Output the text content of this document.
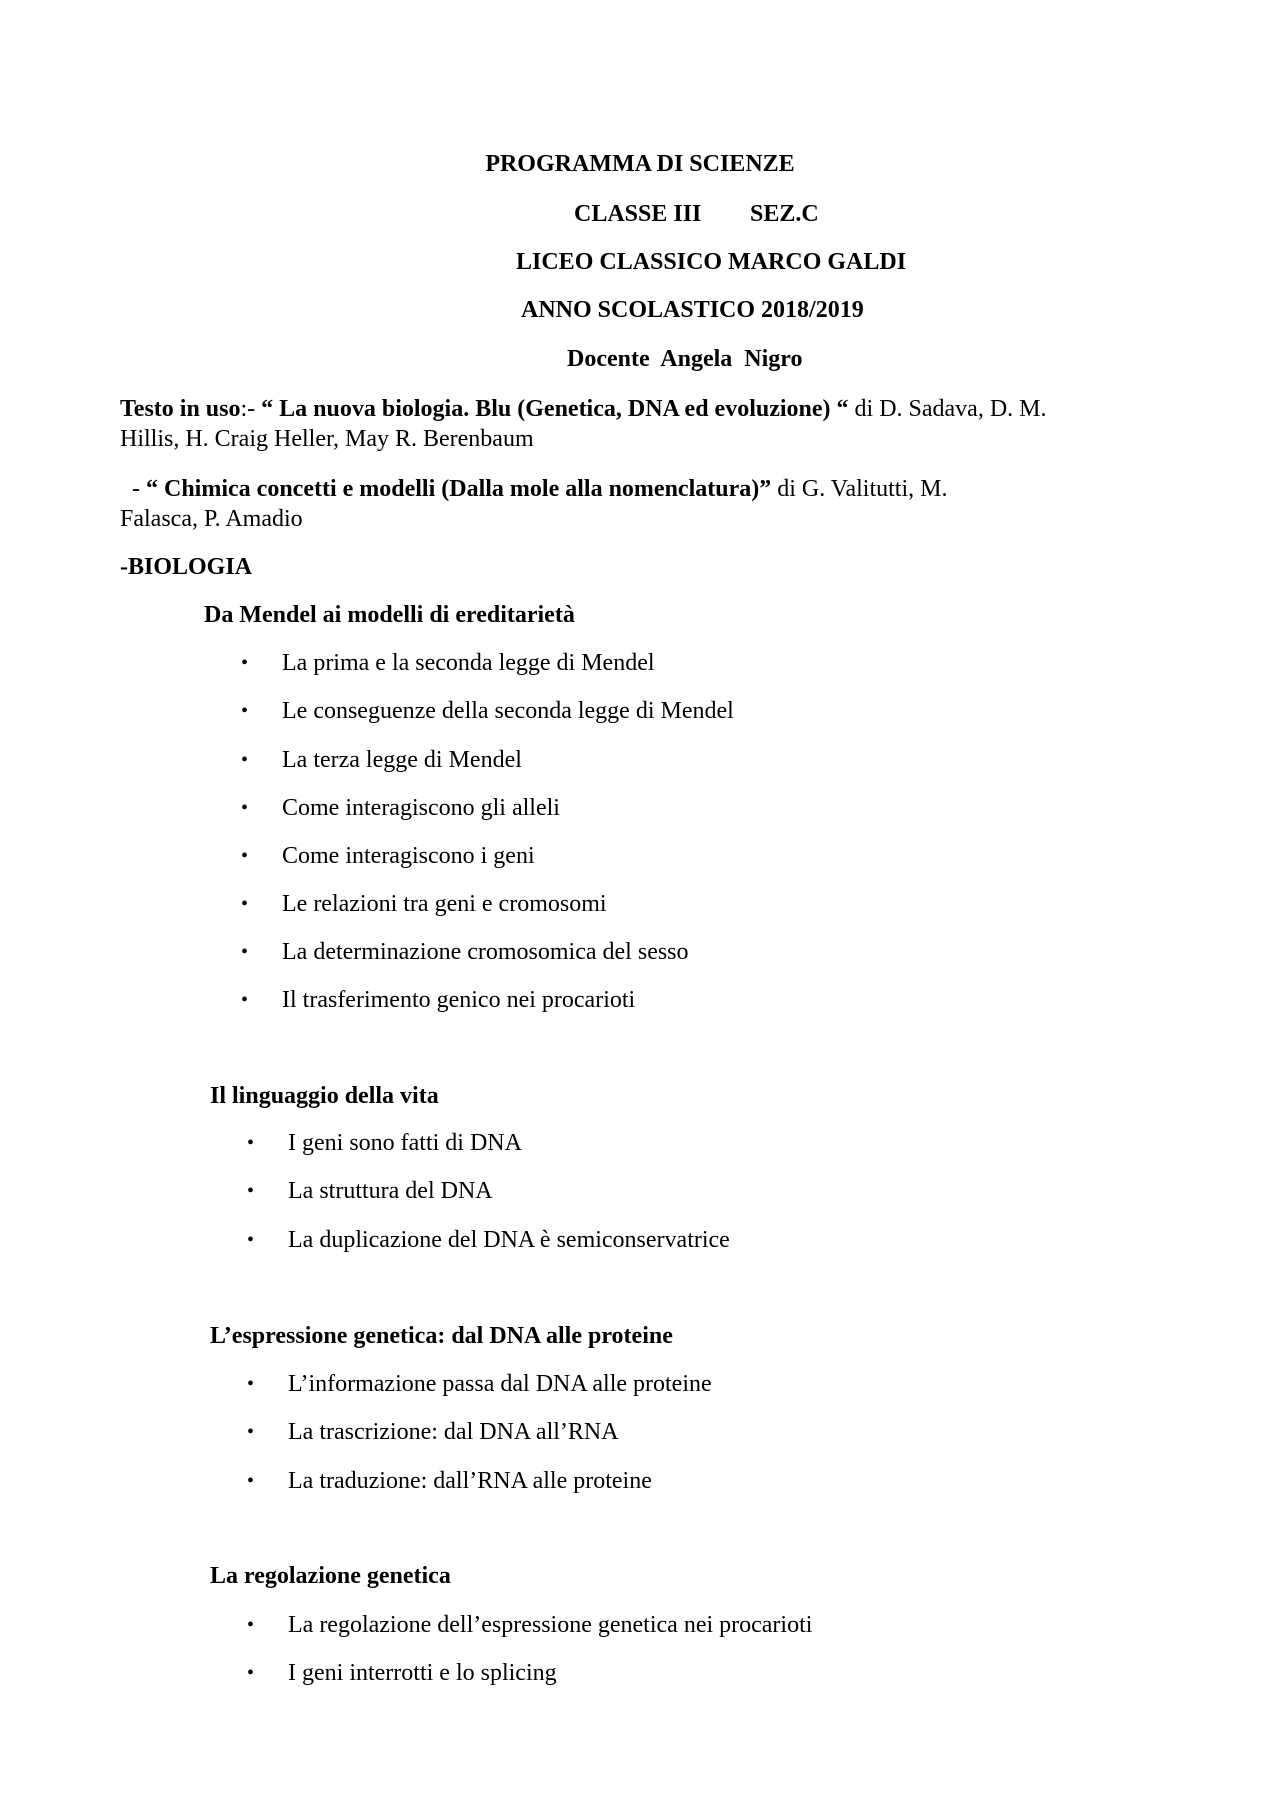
PROGRAMMA DI SCIENZE
CLASSE III SEZ.C
LICEO CLASSICO MARCO GALDI
ANNO SCOLASTICO 2018/2019
Docente  Angela  Nigro

Testo in uso:- “ La nuova biologia. Blu (Genetica, DNA ed evoluzione) “ di D. Sadava, D. M.

Hillis, H. Craig Heller, May R. Berenbaum

- “ Chimica concetti e modelli (Dalla mole alla nomenclatura)” di G. Valitutti, M.

Falasca, P. Amadio

-BIOLOGIA
Da Mendel ai modelli di ereditarietà
• La prima e la seconda legge di Mendel
• Le conseguenze della seconda legge di Mendel
• La terza legge di Mendel
• Come interagiscono gli alleli
• Come interagiscono i geni
• Le relazioni tra geni e cromosomi
• La determinazione cromosomica del sesso
• Il trasferimento genico nei procarioti
Il linguaggio della vita
• I geni sono fatti di DNA
• La struttura del DNA
• La duplicazione del DNA è semiconservatrice
L’espressione genetica: dal DNA alle proteine
• L’informazione passa dal DNA alle proteine
• La trascrizione: dal DNA all’RNA
• La traduzione: dall’RNA alle proteine
La regolazione genetica
• La regolazione dell’espressione genetica nei procarioti
• I geni interrotti e lo splicing
